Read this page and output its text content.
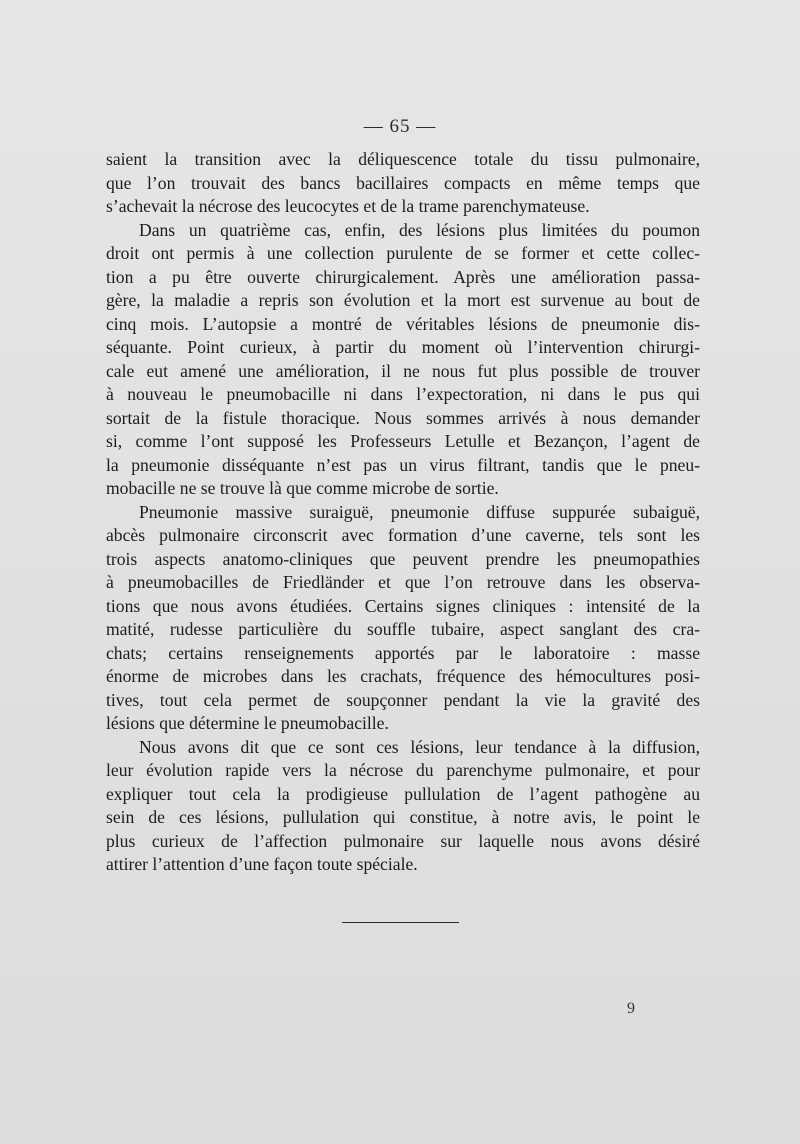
— 65 —
saient la transition avec la déliquescence totale du tissu pulmonaire,
que l’on trouvait des bancs bacillaires compacts en même temps que
s’achevait la nécrose des leucocytes et de la trame parenchymateuse.
Dans un quatrième cas, enfin, des lésions plus limitées du poumon
droit ont permis à une collection purulente de se former et cette collec-
tion a pu être ouverte chirurgicalement. Après une amélioration passa-
gère, la maladie a repris son évolution et la mort est survenue au bout de
cinq mois. L’autopsie a montré de véritables lésions de pneumonie dis-
séquante. Point curieux, à partir du moment où l’intervention chirurgi-
cale eut amené une amélioration, il ne nous fut plus possible de trouver
à nouveau le pneumobacille ni dans l’expectoration, ni dans le pus qui
sortait de la fistule thoracique. Nous sommes arrivés à nous demander
si, comme l’ont supposé les Professeurs Letulle et Bezançon, l’agent de
la pneumonie disséquante n’est pas un virus filtrant, tandis que le pneu-
mobacille ne se trouve là que comme microbe de sortie.
Pneumonie massive suraiguë, pneumonie diffuse suppurée subaiguë,
abcès pulmonaire circonscrit avec formation d’une caverne, tels sont les
trois aspects anatomo-cliniques que peuvent prendre les pneumopathies
à pneumobacilles de Friedländer et que l’on retrouve dans les observa-
tions que nous avons étudiées. Certains signes cliniques : intensité de la
matité, rudesse particulière du souffle tubaire, aspect sanglant des cra-
chats; certains renseignements apportés par le laboratoire : masse
énorme de microbes dans les crachats, fréquence des hémocultures posi-
tives, tout cela permet de soupçonner pendant la vie la gravité des
lésions que détermine le pneumobacille.
Nous avons dit que ce sont ces lésions, leur tendance à la diffusion,
leur évolution rapide vers la nécrose du parenchyme pulmonaire, et pour
expliquer tout cela la prodigieuse pullulation de l’agent pathogène au
sein de ces lésions, pullulation qui constitue, à notre avis, le point le
plus curieux de l’affection pulmonaire sur laquelle nous avons désiré
attirer l’attention d’une façon toute spéciale.
9
